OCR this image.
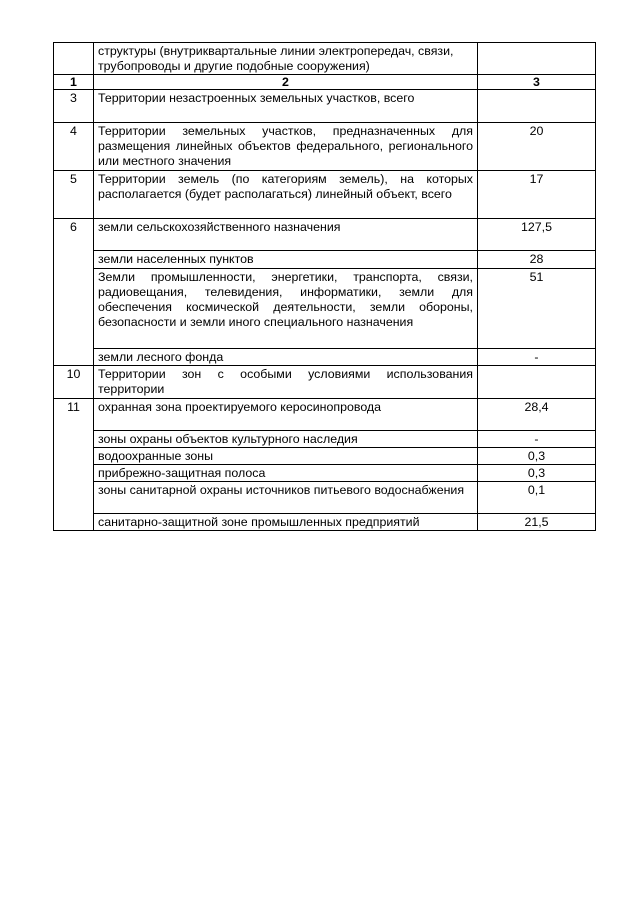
	структуры (внутриквартальные линии электропередач, связи, трубопроводы и другие подобные сооружения)	
1	2	3
3	Территории незастроенных земельных участков, всего	
4	Территории земельных участков, предназначенных для размещения линейных объектов федерального, регионального или местного значения	20
5	Территории земель (по категориям земель), на которых располагается (будет располагаться) линейный объект, всего	17
6	земли сельскохозяйственного назначения	127,5
	земли населенных пунктов	28
	Земли промышленности, энергетики, транспорта, связи, радиовещания, телевидения, информатики, земли для обеспечения космической деятельности, земли обороны, безопасности и земли иного специального назначения	51
	земли лесного фонда	-
10	Территории зон с особыми условиями использования территории	
11	охранная зона проектируемого керосинопровода	28,4
	зоны охраны объектов культурного наследия	-
	водоохранные зоны	0,3
	прибрежно-защитная полоса	0,3
	зоны санитарной охраны источников питьевого водоснабжения	0,1
	санитарно-защитной зоне промышленных предприятий	21,5
